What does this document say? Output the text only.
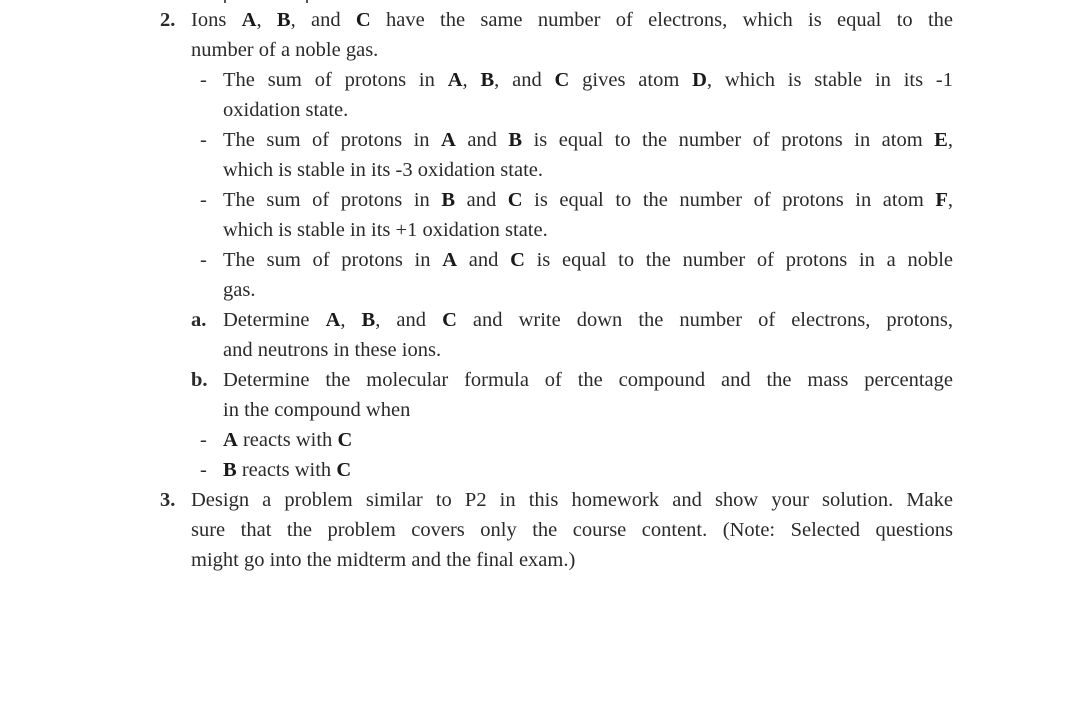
2. Ions A, B, and C have the same number of electrons, which is equal to the
number of a noble gas.
- The sum of protons in A, B, and C gives atom D, which is stable in its -1
oxidation state.
- The sum of protons in A and B is equal to the number of protons in atom E,
which is stable in its -3 oxidation state.
- The sum of protons in B and C is equal to the number of protons in atom F,
which is stable in its +1 oxidation state.
- The sum of protons in A and C is equal to the number of protons in a noble
gas.
a. Determine A, B, and C and write down the number of electrons, protons,
and neutrons in these ions.
b. Determine the molecular formula of the compound and the mass percentage
in the compound when
- A reacts with C
- B reacts with C
3. Design a problem similar to P2 in this homework and show your solution. Make
sure that the problem covers only the course content. (Note: Selected questions
might go into the midterm and the final exam.)
